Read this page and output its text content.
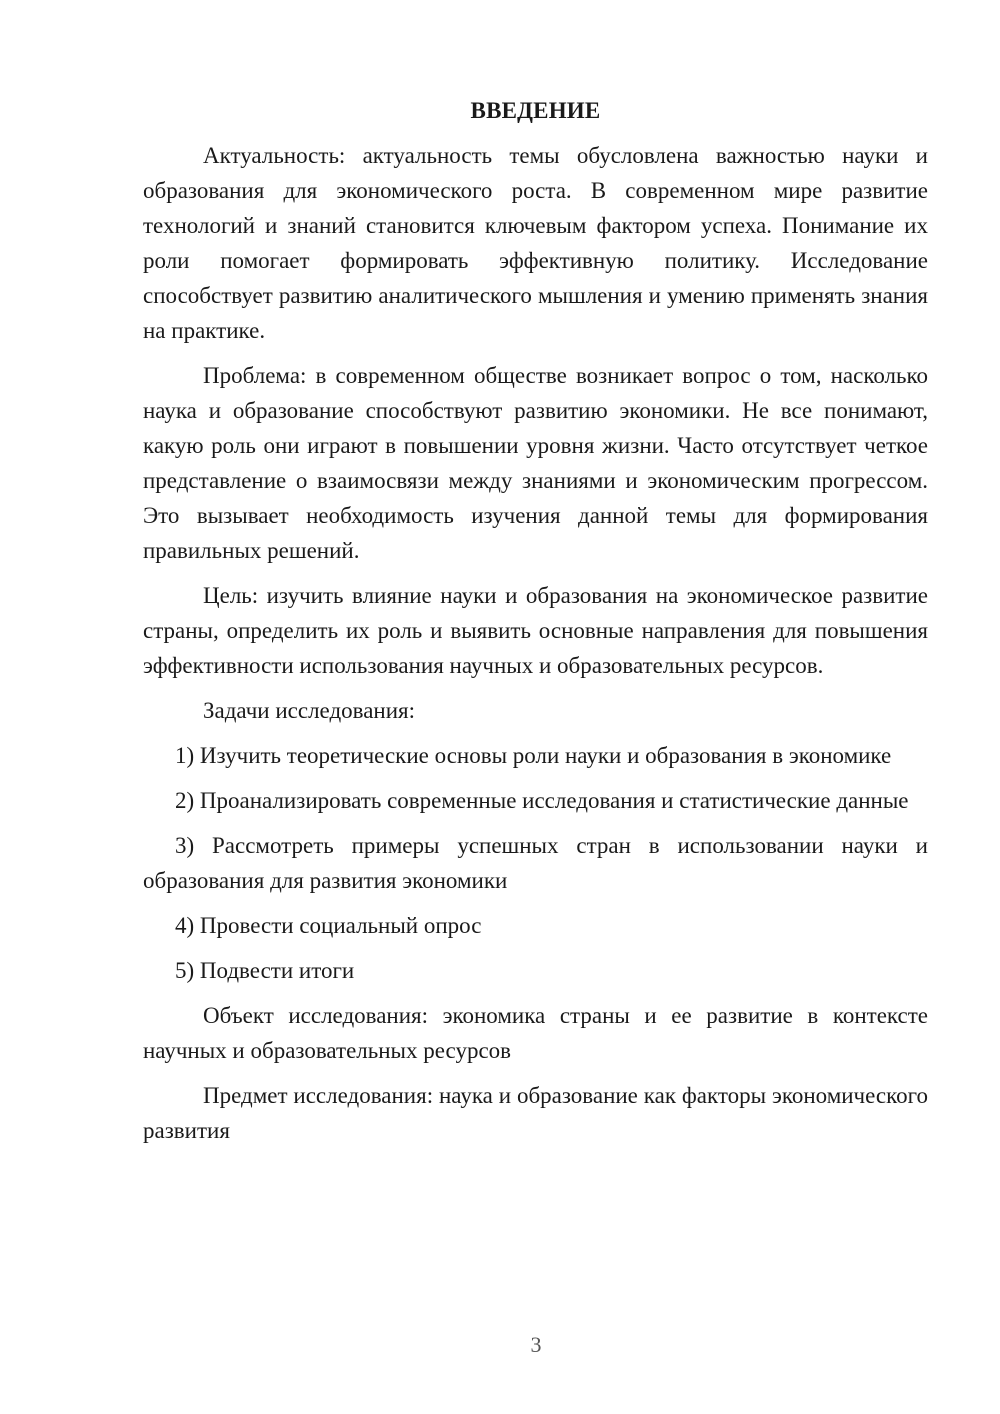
ВВЕДЕНИЕ

Актуальность: актуальность темы обусловлена важностью науки и образования для экономического роста. В современном мире развитие технологий и знаний становится ключевым фактором успеха. Понимание их роли помогает формировать эффективную политику. Исследование способствует развитию аналитического мышления и умению применять знания на практике.

Проблема: в современном обществе возникает вопрос о том, насколько наука и образование способствуют развитию экономики. Не все понимают, какую роль они играют в повышении уровня жизни. Часто отсутствует четкое представление о взаимосвязи между знаниями и экономическим прогрессом. Это вызывает необходимость изучения данной темы для формирования правильных решений.

Цель: изучить влияние науки и образования на экономическое развитие страны, определить их роль и выявить основные направления для повышения эффективности использования научных и образовательных ресурсов.

Задачи исследования:

1) Изучить теоретические основы роли науки и образования в экономике

2) Проанализировать современные исследования и статистические данные

3) Рассмотреть примеры успешных стран в использовании науки и образования для развития экономики

4) Провести социальный опрос

5) Подвести итоги

Объект исследования: экономика страны и ее развитие в контексте научных и образовательных ресурсов

Предмет исследования: наука и образование как факторы экономического развития

3
